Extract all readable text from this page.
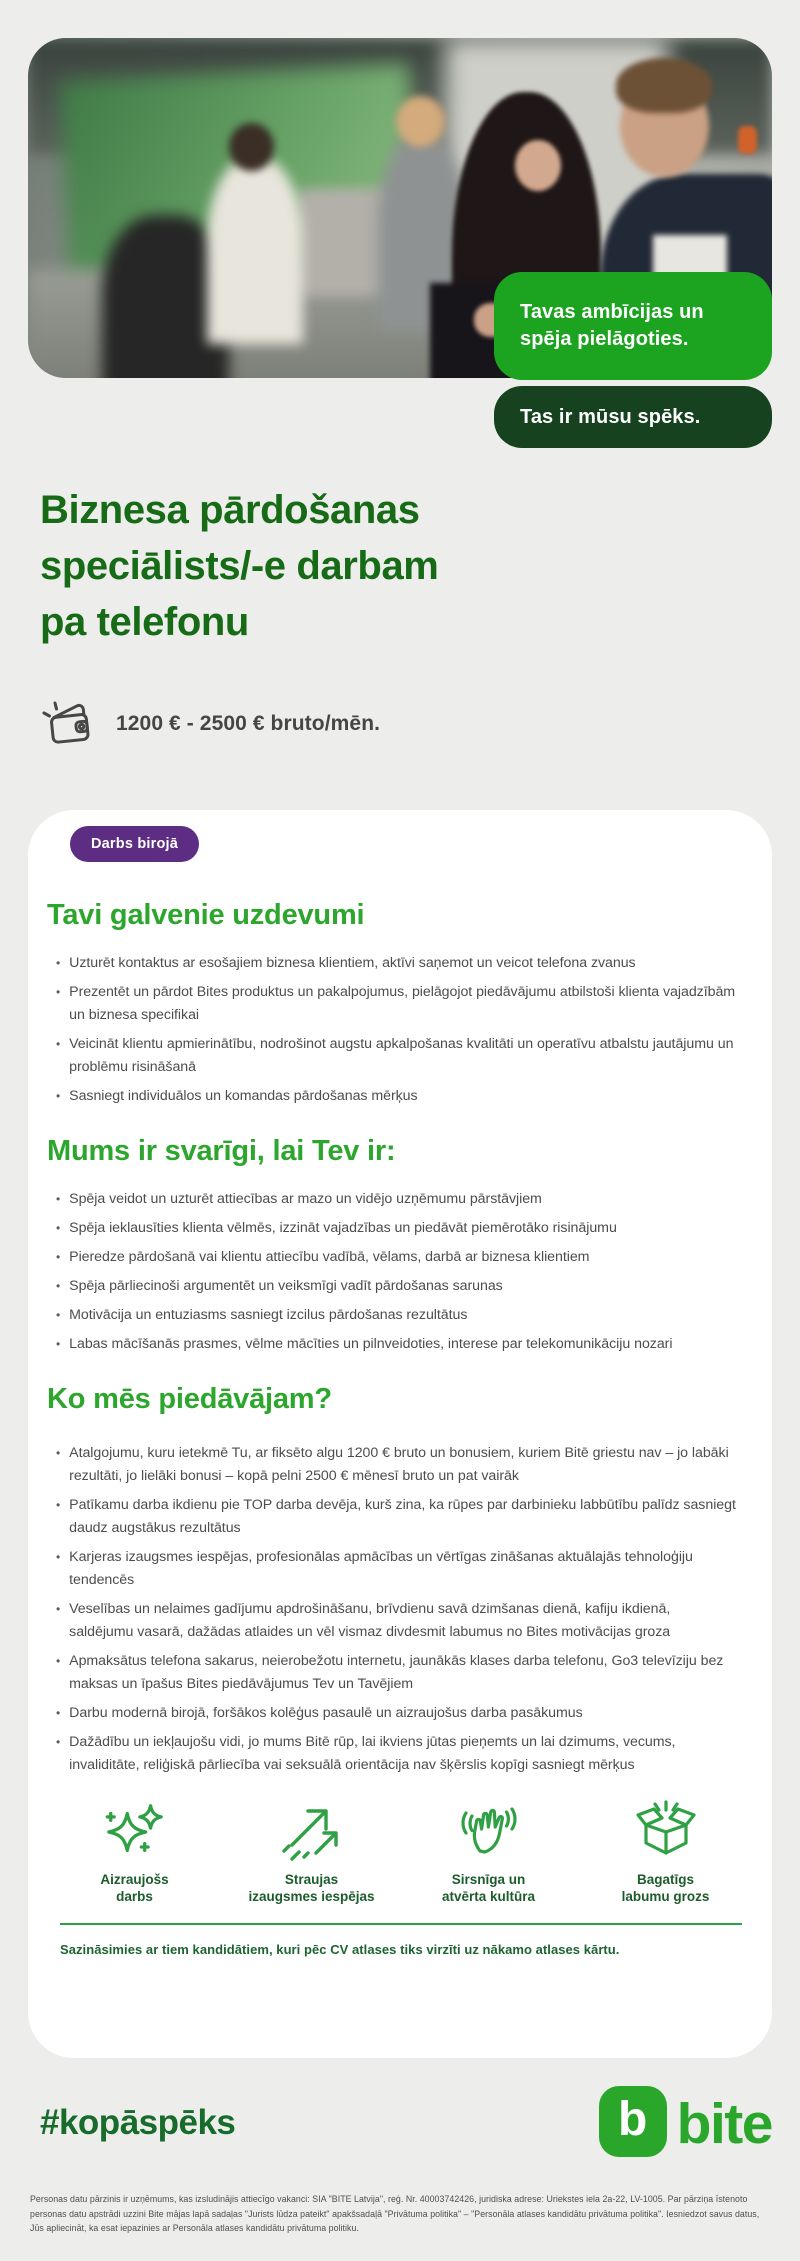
Tavas ambīcijas un
spēja pielāgoties.
Tas ir mūsu spēks.
Biznesa pārdošanas
speciālists/-e darbam
pa telefonu
1200 € - 2500 € bruto/mēn.
Darbs birojā
Tavi galvenie uzdevumi
• Uzturēt kontaktus ar esošajiem biznesa klientiem, aktīvi saņemot un veicot telefona zvanus
• Prezentēt un pārdot Bites produktus un pakalpojumus, pielāgojot piedāvājumu atbilstoši klienta vajadzībām un biznesa specifikai
• Veicināt klientu apmierinātību, nodrošinot augstu apkalpošanas kvalitāti un operatīvu atbalstu jautājumu un problēmu risināšanā
• Sasniegt individuālos un komandas pārdošanas mērķus
Mums ir svarīgi, lai Tev ir:
• Spēja veidot un uzturēt attiecības ar mazo un vidējo uzņēmumu pārstāvjiem
• Spēja ieklausīties klienta vēlmēs, izzināt vajadzības un piedāvāt piemērotāko risinājumu
• Pieredze pārdošanā vai klientu attiecību vadībā, vēlams, darbā ar biznesa klientiem
• Spēja pārliecinoši argumentēt un veiksmīgi vadīt pārdošanas sarunas
• Motivācija un entuziasms sasniegt izcilus pārdošanas rezultātus
• Labas mācīšanās prasmes, vēlme mācīties un pilnveidoties, interese par telekomunikāciju nozari
Ko mēs piedāvājam?
• Atalgojumu, kuru ietekmē Tu, ar fiksēto algu 1200 € bruto un bonusiem, kuriem Bitē griestu nav – jo labāki rezultāti, jo lielāki bonusi – kopā pelni 2500 € mēnesī bruto un pat vairāk
• Patīkamu darba ikdienu pie TOP darba devēja, kurš zina, ka rūpes par darbinieku labbūtību palīdz sasniegt daudz augstākus rezultātus
• Karjeras izaugsmes iespējas, profesionālas apmācības un vērtīgas zināšanas aktuālajās tehnoloģiju tendencēs
• Veselības un nelaimes gadījumu apdrošināšanu, brīvdienu savā dzimšanas dienā, kafiju ikdienā, saldējumu vasarā, dažādas atlaides un vēl vismaz divdesmit labumus no Bites motivācijas groza
• Apmaksātus telefona sakarus, neierobežotu internetu, jaunākās klases darba telefonu, Go3 televīziju bez maksas un īpašus Bites piedāvājumus Tev un Tavējiem
• Darbu modernā birojā, foršākos kolēģus pasaulē un aizraujošus darba pasākumus
• Dažādību un iekļaujošu vidi, jo mums Bitē rūp, lai ikviens jūtas pieņemts un lai dzimums, vecums, invaliditāte, reliģiskā pārliecība vai seksuālā orientācija nav šķērslis kopīgi sasniegt mērķus
Aizraujošs
darbs
Straujas
izaugsmes iespējas
Sirsnīga un
atvērta kultūra
Bagatīgs
labumu grozs

Sazināsimies ar tiem kandidātiem, kuri pēc CV atlases tiks virzīti uz nākamo atlases kārtu.

#kopāspēks	b bite

Personas datu pārzinis ir uzņēmums, kas izsludinājis attiecīgo vakanci: SIA "BITE Latvija", reģ. Nr. 40003742426, juridiska adrese: Uriekstes iela 2a-22, LV-1005. Par pārziņa īstenoto personas datu apstrādi uzzini Bite mājas lapā sadaļas "Jurists lūdza pateikt" apakšsadaļā "Privātuma politika" – "Personāla atlases kandidātu privātuma politika". Iesniedzot savus datus, Jūs apliecināt, ka esat iepazinies ar Personāla atlases kandidātu privātuma politiku.
